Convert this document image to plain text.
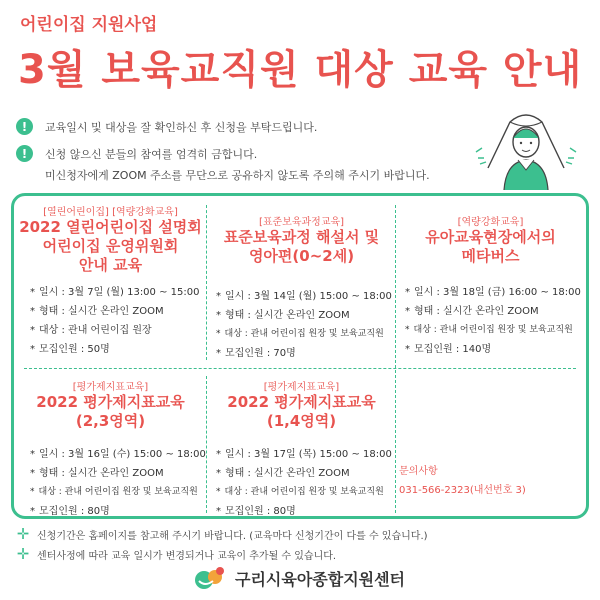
어린이집 지원사업
3월 보육교직원 대상 교육 안내
!	교육일시 및 대상을 잘 확인하신 후 신청을 부탁드립니다.
!	신청 않으신 분들의 참여를 엄격히 금합니다.
미신청자에게 ZOOM 주소를 무단으로 공유하지 않도록 주의해 주시기 바랍니다.
[열린어린이집] [역량강화교육]
2022 열린어린이집 설명회
어린이집 운영위원회
안내 교육
* 일시 : 3월 7일 (월) 13:00 ~ 15:00
* 형태 : 실시간 온라인 ZOOM
* 대상 : 관내 어린이집 원장
* 모집인원 : 50명
[표준보육과정교육]
표준보육과정 해설서 및
영아편(0~2세)
* 일시 : 3월 14일 (월) 15:00 ~ 18:00
* 형태 : 실시간 온라인 ZOOM
* 대상 : 관내 어린이집 원장 및 보육교직원
* 모집인원 : 70명
[역량강화교육]
유아교육현장에서의
메타버스
* 일시 : 3월 18일 (금) 16:00 ~ 18:00
* 형태 : 실시간 온라인 ZOOM
* 대상 : 관내 어린이집 원장 및 보육교직원
* 모집인원 : 140명
[평가제지표교육]
2022 평가제지표교육
(2,3영역)
* 일시 : 3월 16일 (수) 15:00 ~ 18:00
* 형태 : 실시간 온라인 ZOOM
* 대상 : 관내 어린이집 원장 및 보육교직원
* 모집인원 : 80명
[평가제지표교육]
2022 평가제지표교육
(1,4영역)
* 일시 : 3월 17일 (목) 15:00 ~ 18:00
* 형태 : 실시간 온라인 ZOOM
* 대상 : 관내 어린이집 원장 및 보육교직원
* 모집인원 : 80명
문의사항
031-566-2323(내선번호 3)
✛ 신청기간은 홈페이지를 참고해 주시기 바랍니다. (교육마다 신청기간이 다를 수 있습니다.)
✛ 센터사정에 따라 교육 일시가 변경되거나 교육이 추가될 수 있습니다.
구리시육아종합지원센터
